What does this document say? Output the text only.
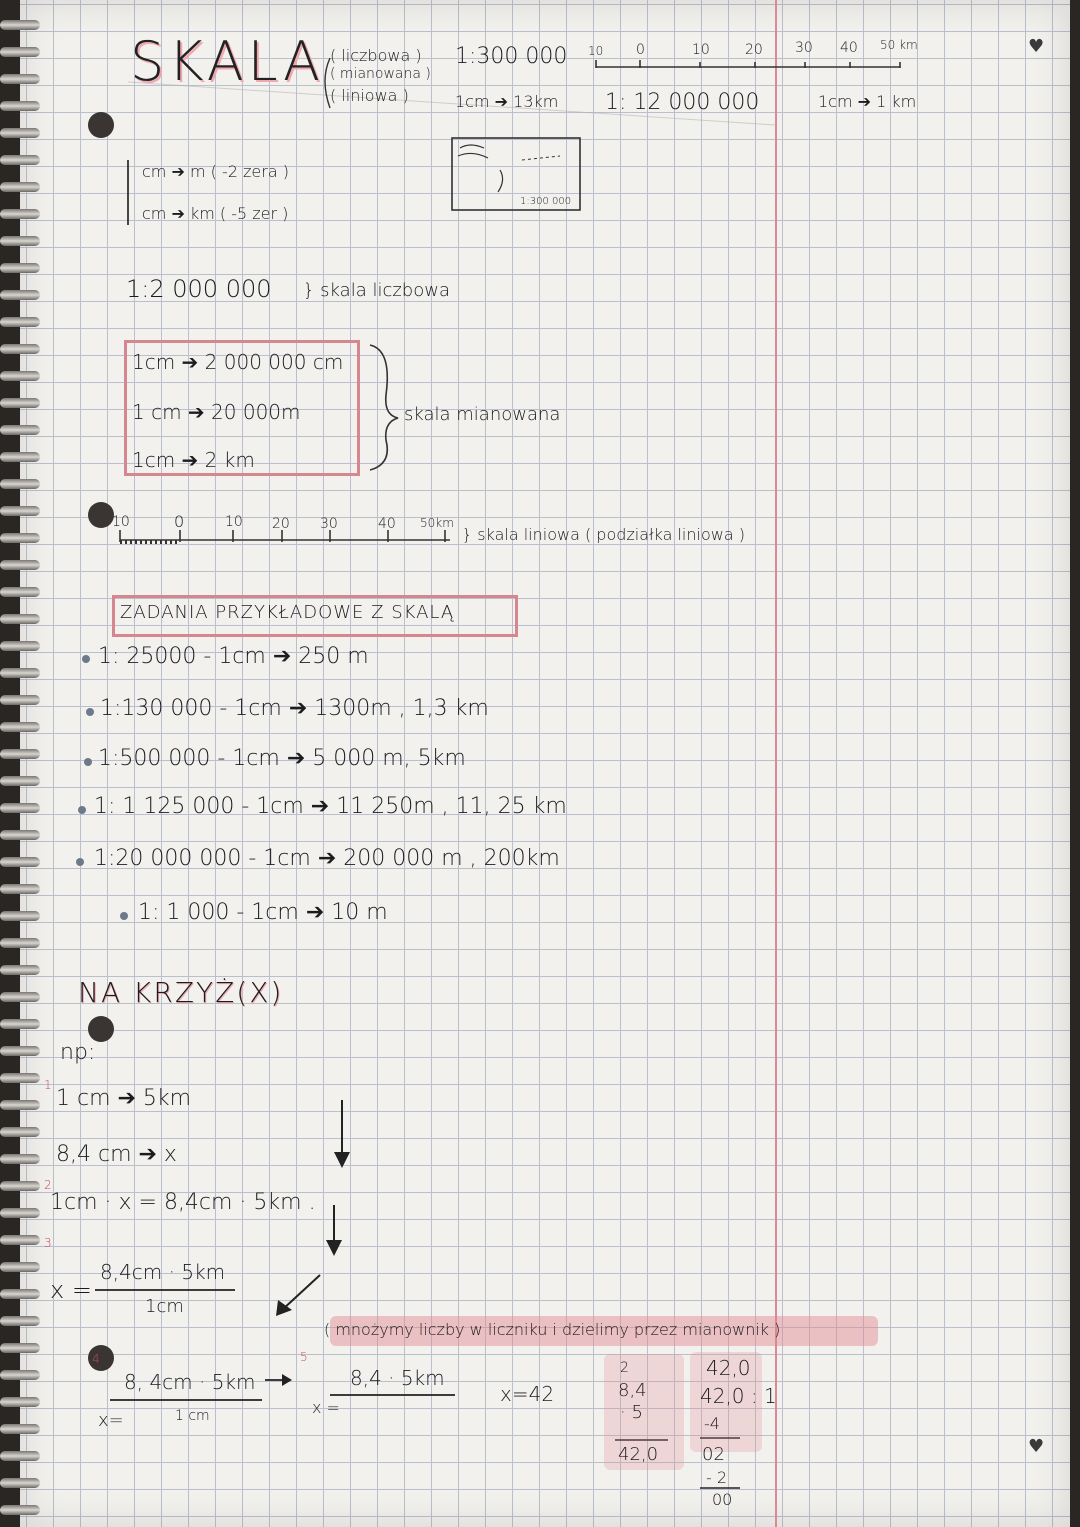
♥
♥
SKALA ( liczbowa )
( mianowana )
( liniowa )
1:300 000 10 0	10	20 30 40 50 km
1cm ➔ 13km 1: 12 000 000	1cm ➔ 1 km
1:300 000
cm ➔ m ( -2 zera )
cm ➔ km ( -5 zer )
1:2 000 000 } skala liczbowa
1cm ➔ 2 000 000 cm
1 cm ➔ 20 000m
1cm ➔ 2 km
skala mianowana
10	0	10 20 30	40 50km
} skala liniowa ( podziałka liniowa )
ZADANIA PRZYKŁADOWE Z SKALĄ
1: 25000 - 1cm ➔ 250 m
1:130 000 - 1cm ➔ 1300m , 1,3 km
1:500 000 - 1cm ➔ 5 000 m, 5km
1: 1 125 000 - 1cm ➔ 11 250m , 11, 25 km
1:20 000 000 - 1cm ➔ 200 000 m , 200km
1: 1 000 - 1cm ➔ 10 m
NA KRZYŻ(X)
np:
1
1 cm ➔ 5km
8,4 cm ➔ x
2
1cm · x = 8,4cm · 5km .
3
8,4cm · 5km
x =
1cm
4
8, 4cm · 5km
x=	1 cm
5
( mnożymy liczby w liczniku i dzielimy przez mianownik )
8,4 · 5km
x =
x=42
2
8,4
· 5
42,0
42,0
42,0 : 1
-4
02
- 2
00
